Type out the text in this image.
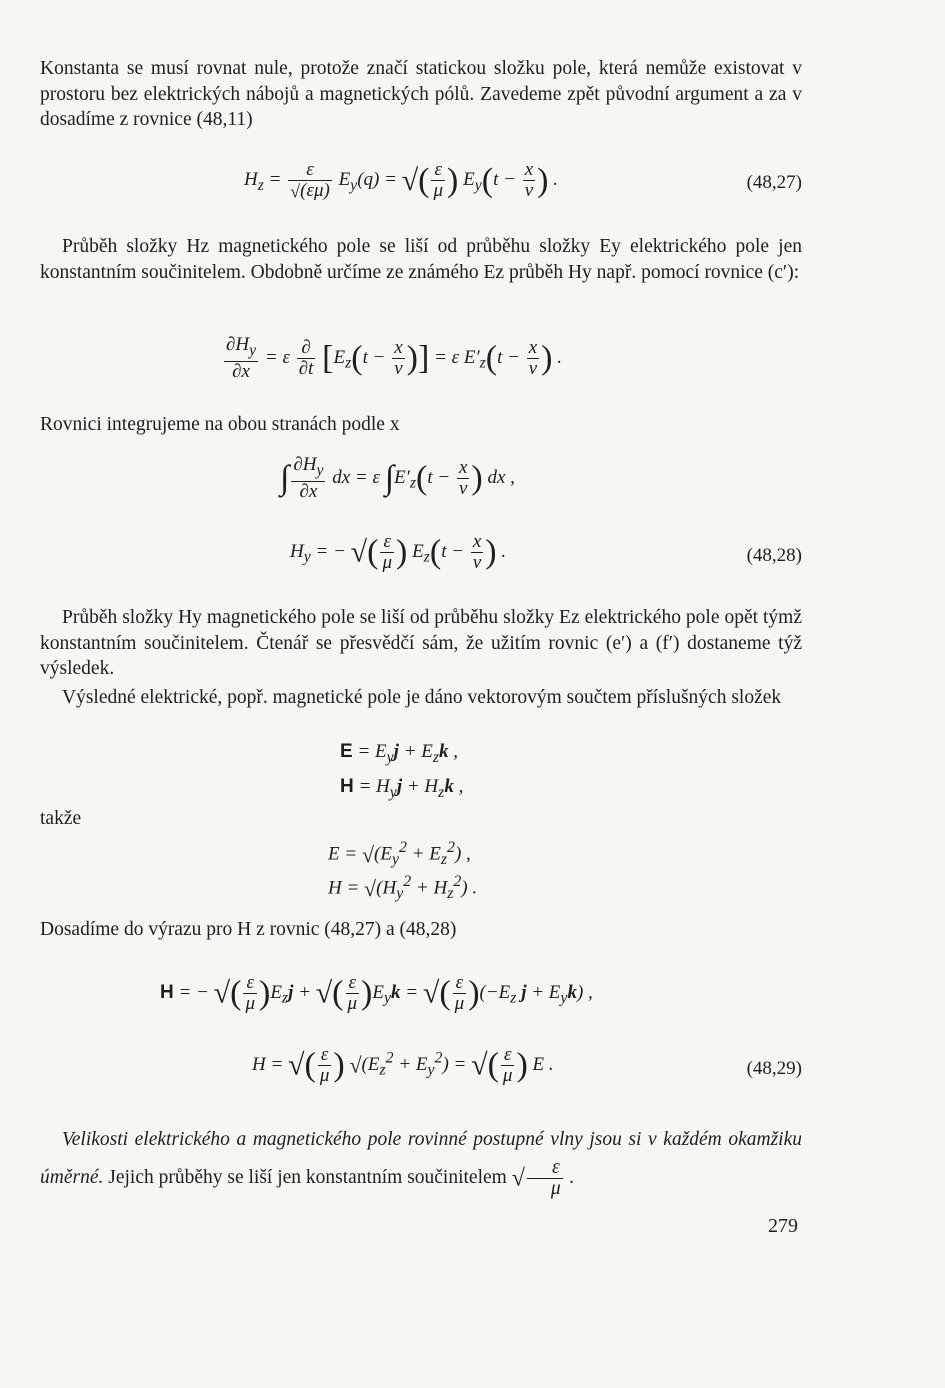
Konstanta se musí rovnat nule, protože značí statickou složku pole, která nemůže existovat v prostoru bez elektrických nábojů a magnetických pólů. Zavedeme zpět původní argument a za v dosadíme z rovnice (48,11)

$H_z = \frac{\varepsilon}{√(\varepsilon\mu)} E_y(q)$ = √( $\frac{\varepsilon}{\mu}$ ) $E_y(t - \frac{x}{v}$ ) .	(48,27)

Průběh složky Hz magnetického pole se liší od průběhu složky Ey elektrického pole jen konstantním součinitelem. Obdobně určíme ze známého Ez průběh Hy např. pomocí rovnice (c′):

$\frac{\partial H_y}{\partial x} = \varepsilon \frac{\partial}{\partial t} [E_z(t - \frac{x}{v}$ )] = ε $E'_z(t - \frac{x}{v}$ ) .

Rovnici integrujeme na obou stranách podle x

∫ $\frac{\partial H_y}{\partial x}$ dx = ε $\int E'_z(t - \frac{x}{v}$ ) dx ,
$H_y$ = − √( $\frac{\varepsilon}{\mu}$ ) $E_z(t - \frac{x}{v}$ ) .	(48,28)

Průběh složky Hy magnetického pole se liší od průběhu složky Ez elektrického pole opět týmž konstantním součinitelem. Čtenář se přesvědčí sám, že užitím rovnic (e′) a (f′) dostaneme týž výsledek.

Výsledné elektrické, popř. magnetické pole je dáno vektorovým součtem příslušných složek

$E = E_yj + E_zk$ ,
$H = H_yj + H_zk$ ,

takže

$E = √(E_y^2 + E_z^2)$ ,
$H = √(H_y^2 + H_z^2)$ .

Dosadíme do výrazu pro H z rovnic (48,27) a (48,28)

H = − √( $\frac{\varepsilon}{\mu} )E_zj$ + √( $\frac{\varepsilon}{\mu} )E_yk$ = √( $\frac{\varepsilon}{\mu} )(-E_z$ $j + E_yk$) ,
H = √( $\frac{\varepsilon}{\mu}$ ) $√(E_z^2 + E_y^2)$ = √( $\frac{\varepsilon}{\mu}$ ) E .	(48,29)

Velikosti elektrického a magnetického pole rovinné postupné vlny jsou si v každém okamžiku úměrné. Jejich průběhy se liší jen konstantním součinitelem √ $\frac{\varepsilon}{\mu}$ .

279
